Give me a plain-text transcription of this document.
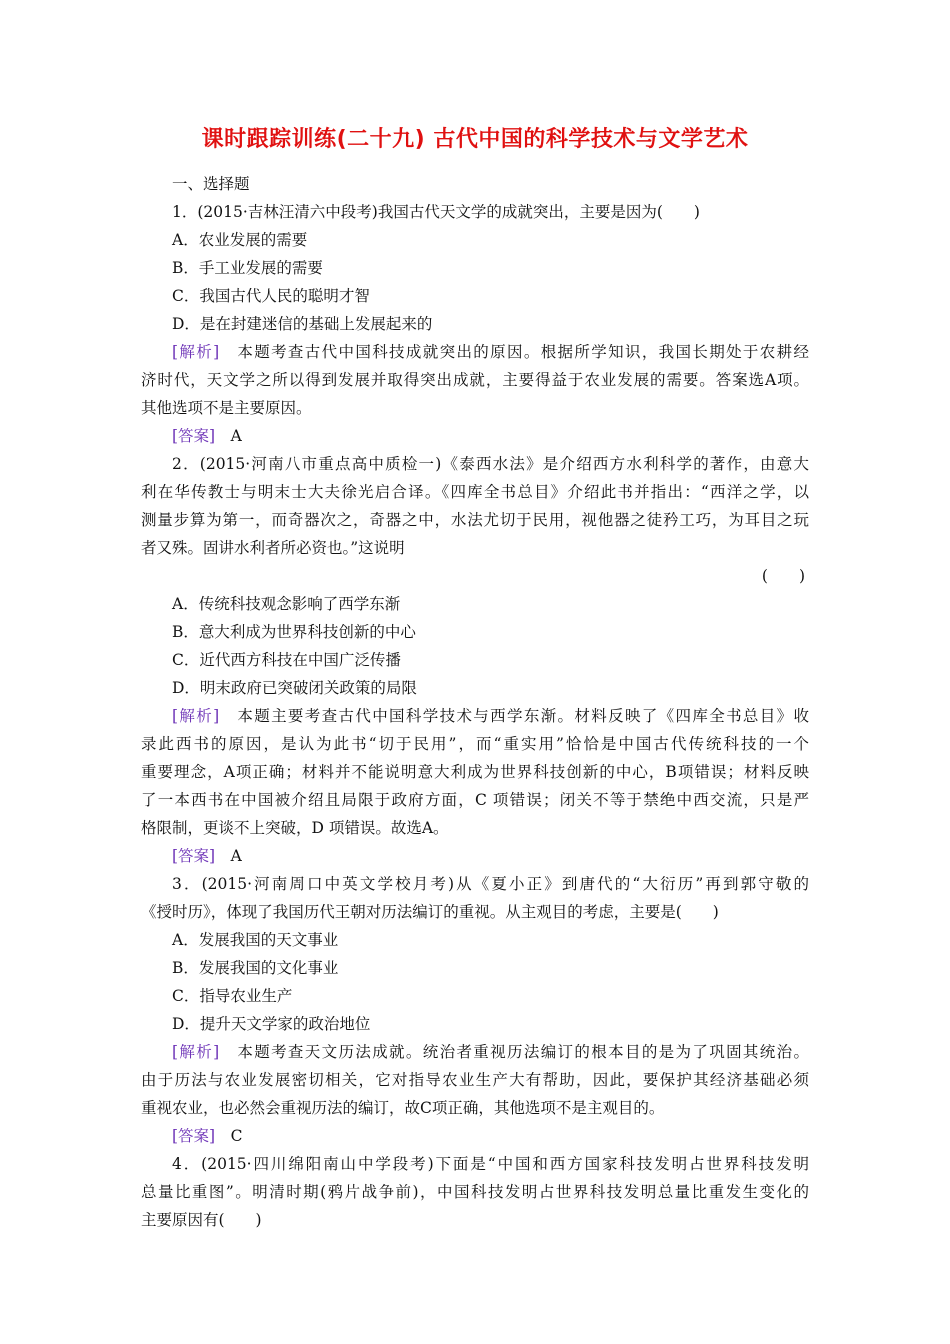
课时跟踪训练(二十九) 古代中国的科学技术与文学艺术
一、选择题
1．(2015·吉林汪清六中段考)我国古代天文学的成就突出，主要是因为(　　)
A．农业发展的需要
B．手工业发展的需要
C．我国古代人民的聪明才智
D．是在封建迷信的基础上发展起来的
[解析]　 本题考查古代中国科技成就突出的原因。根据所学知识，我国长期处于农耕经
济时代，天文学之所以得到发展并取得突出成就，主要得益于农业发展的需要。答案选A项。
其他选项不是主要原因。
[答案]　 A
2．(2015·河南八市重点高中质检一)《泰西水法》是介绍西方水利科学的著作，由意大
利在华传教士与明末士大夫徐光启合译。《四库全书总目》介绍此书并指出：“西洋之学，以
测量步算为第一，而奇器次之，奇器之中，水法尤切于民用，视他器之徒矜工巧，为耳目之玩
者又殊。固讲水利者所必资也。”这说明
(　　)
A．传统科技观念影响了西学东渐
B．意大利成为世界科技创新的中心
C．近代西方科技在中国广泛传播
D．明末政府已突破闭关政策的局限
[解析]　 本题主要考查古代中国科学技术与西学东渐。材料反映了《四库全书总目》收
录此西书的原因，是认为此书“切于民用”，而“重实用”恰恰是中国古代传统科技的一个
重要理念，A项正确；材料并不能说明意大利成为世界科技创新的中心，B项错误；材料反映
了一本西书在中国被介绍且局限于政府方面，C 项错误；闭关不等于禁绝中西交流，只是严
格限制，更谈不上突破，D 项错误。故选A。
[答案]　 A
3．(2015·河南周口中英文学校月考)从《夏小正》到唐代的“大衍历”再到郭守敬的
《授时历》，体现了我国历代王朝对历法编订的重视。从主观目的考虑，主要是(　　)
A．发展我国的天文事业
B．发展我国的文化事业
C．指导农业生产
D．提升天文学家的政治地位
[解析]　 本题考查天文历法成就。统治者重视历法编订的根本目的是为了巩固其统治。
由于历法与农业发展密切相关，它对指导农业生产大有帮助，因此，要保护其经济基础必须
重视农业，也必然会重视历法的编订，故C项正确，其他选项不是主观目的。
[答案]　 C
4．(2015·四川绵阳南山中学段考)下面是“中国和西方国家科技发明占世界科技发明
总量比重图”。明清时期(鸦片战争前)，中国科技发明占世界科技发明总量比重发生变化的
主要原因有(　　)
